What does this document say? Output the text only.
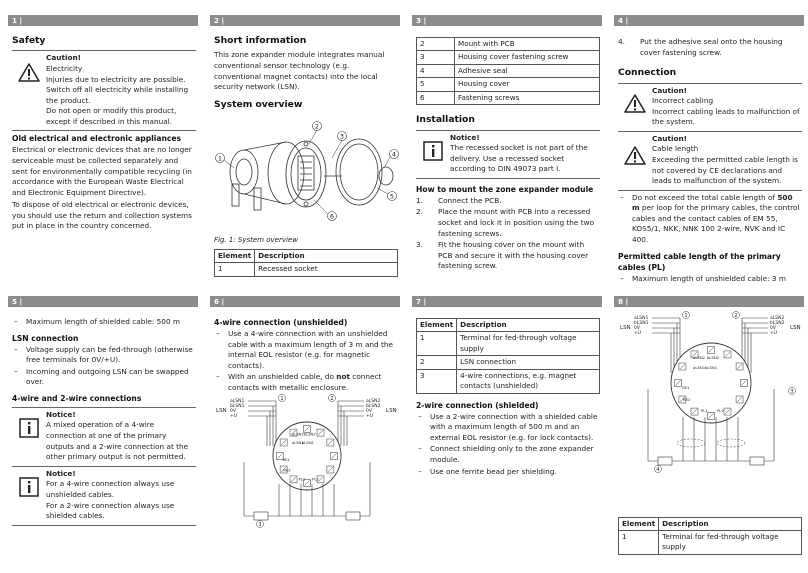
1 |
Safety
Caution!
Electricity
Injuries due to electricity are possible. Switch off all electricity while installing the product.
Do not open or modify this product, except if described in this manual.
Old electrical and electronic appliances

Electrical or electronic devices that are no longer serviceable must be collected separately and sent for environmentally compatible recycling (in accordance with the European Waste Electrical and Electronic Equipment Directive).

To dispose of old electrical or electronic devices, you should use the return and collection systems put in place in the country concerned.

2 |
Short information

This zone expander module integrates manual conventional sensor technology (e.g. conventional magnet contacts) into the local security network (LSN).

System overview
1
2
3
4
5
6
Fig. 1: System overview
Element	Description
1	Recessed socket
3 |
2	Mount with PCB
3	Housing cover fastening screw
4	Adhesive seal
5	Housing cover
6	Fastening screws
Installation
Notice!
The recessed socket is not part of the delivery. Use a recessed socket according to DIN 49073 part I.
How to mount the zone expander module
1.	Connect the PCB.
2.	Place the mount with PCB into a recessed socket and lock it in position using the two fastening screws.
3.	Fit the housing cover on the mount with PCB and secure it with the housing cover fastening screw.
4 |
4.	Put the adhesive seal onto the housing cover fastening screw.
Connection
Caution!
Incorrect cabling
Incorrect cabling leads to malfunction of the system.
Caution!
Cable length
Exceeding the permitted cable length is not covered by CE declarations and leads to malfunction of the system.
– Do not exceed the total cable length of 500 m per loop for the primary cables, the control cables and the contact cables of EM 55, KOS5/1, NKK, NNK 100 2-wire, NVK and IC 400.
Permitted cable length of the primary cables (PL)
– Maximum length of unshielded cable: 3 m
5 |
– Maximum length of shielded cable: 500 m
LSN connection
– Voltage supply can be fed-through (otherwise free terminals for 0V/+U).
– Incoming and outgoing LSN can be swapped over.
4-wire and 2-wire connections
Notice!
A mixed operation of a 4-wire connection at one of the primary outputs and a 2-wire connection at the other primary output is not permitted.
Notice!
For a 4-wire connection always use unshielded cables.
For a 2-wire connection always use shielded cables.
6 |
4-wire connection (unshielded)
– Use a 4-wire connection with an unshielded cable with a maximum length of 3 m and the internal EOL resistor (e.g. for magnetic contacts).
– With an unshielded cable, do not connect contacts with metallic enclosure.
LSN	LSN
aLSN1
bLSN1
0V
+U
aLSN2
bLSN2
0V
+U
1	2
aLSN2 bLSN2
aLSN1
bLSN1
RE1
RE2
PL1 PL2
3
7 |
Element	Description
1	Terminal for fed-through voltage supply
2	LSN connection
3	4-wire connections, e.g. magnet contacts (unshielded)
2-wire connection (shielded)
– Use a 2-wire connection with a shielded cable with a maximum length of 500 m and an external EOL resistor (e.g. for lock contacts).
– Connect shielding only to the zone expander module.
– Use one ferrite bead per shielding.
8 |
LSN	LSN
aLSN1
bLSN1
0V
+U
aLSN2
bLSN2
0V
+U
1	2
aLSN2 bLSN2
aLSN1 bLSN1
RE1
RE2
PL1 PL2
4
3
Element	Description
1	Terminal for fed-through voltage supply
